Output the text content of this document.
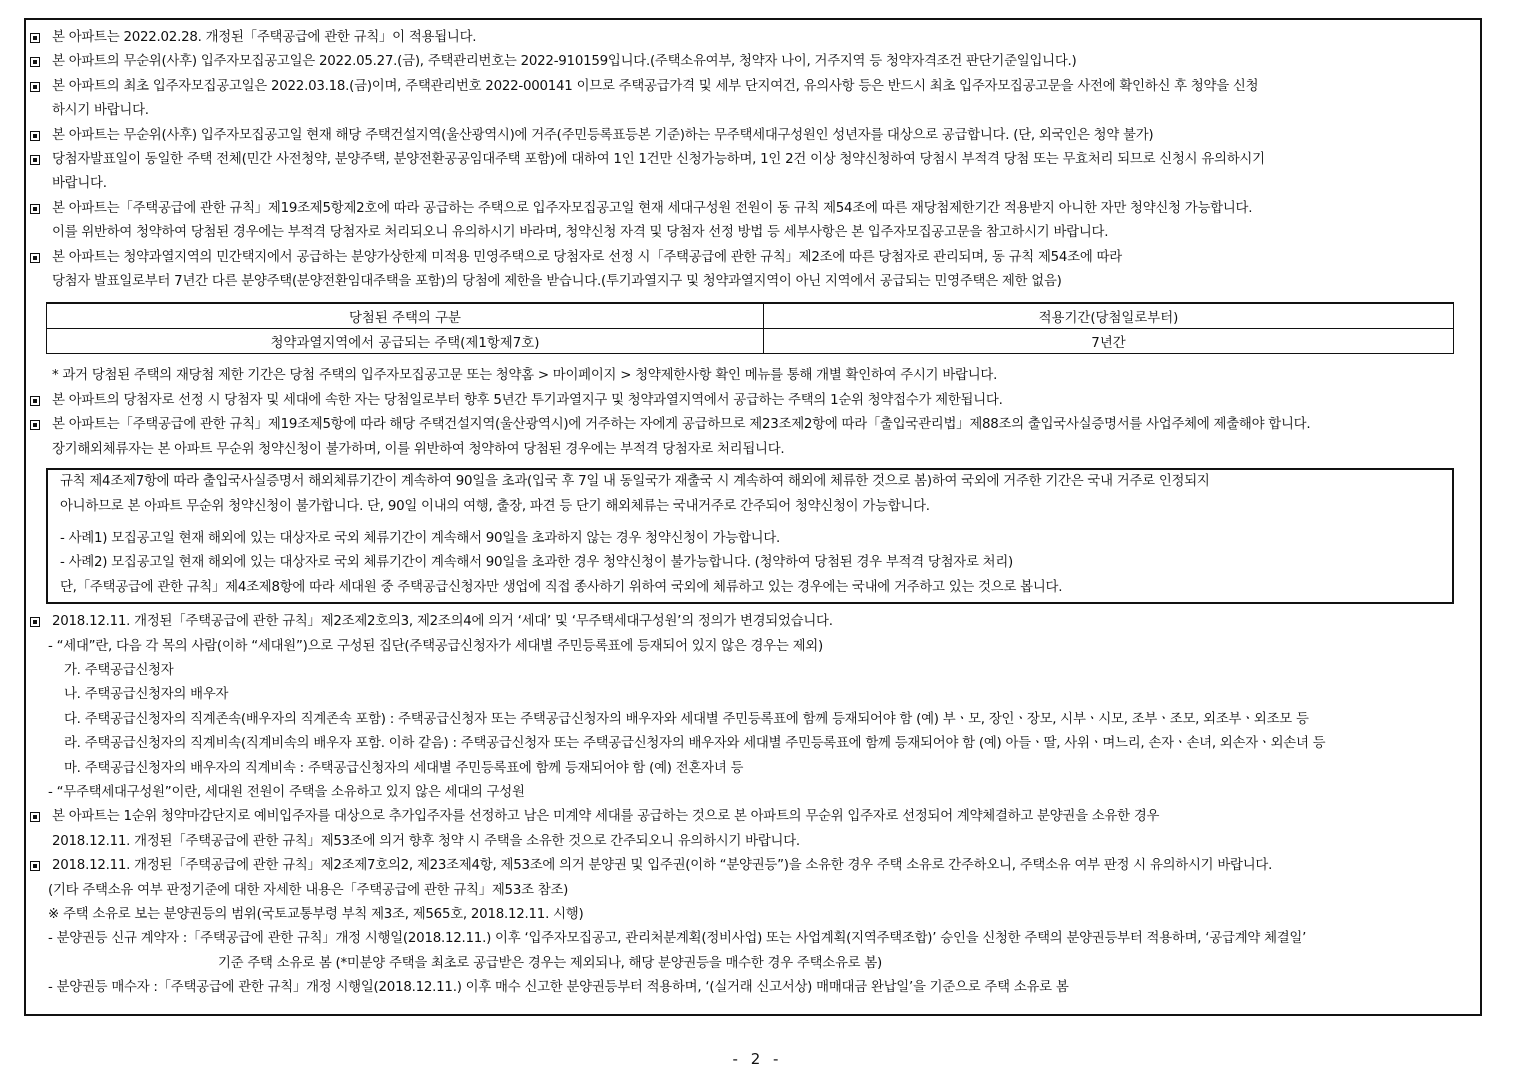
본 아파트는 2022.02.28. 개정된「주택공급에 관한 규칙」이 적용됩니다.
본 아파트의 무순위(사후) 입주자모집공고일은 2022.05.27.(금), 주택관리번호는 2022-910159입니다.(주택소유여부, 청약자 나이, 거주지역 등 청약자격조건 판단기준일입니다.)
본 아파트의 최초 입주자모집공고일은 2022.03.18.(금)이며, 주택관리번호 2022-000141 이므로 주택공급가격 및 세부 단지여건, 유의사항 등은 반드시 최초 입주자모집공고문을 사전에 확인하신 후 청약을 신청
하시기 바랍니다.
본 아파트는 무순위(사후) 입주자모집공고일 현재 해당 주택건설지역(울산광역시)에 거주(주민등록표등본 기준)하는 무주택세대구성원인 성년자를 대상으로 공급합니다. (단, 외국인은 청약 불가)
당첨자발표일이 동일한 주택 전체(민간 사전청약, 분양주택, 분양전환공공임대주택 포함)에 대하여 1인 1건만 신청가능하며, 1인 2건 이상 청약신청하여 당첨시 부적격 당첨 또는 무효처리 되므로 신청시 유의하시기
바랍니다.
본 아파트는「주택공급에 관한 규칙」제19조제5항제2호에 따라 공급하는 주택으로 입주자모집공고일 현재 세대구성원 전원이 동 규칙 제54조에 따른 재당첨제한기간 적용받지 아니한 자만 청약신청 가능합니다.
이를 위반하여 청약하여 당첨된 경우에는 부적격 당첨자로 처리되오니 유의하시기 바라며, 청약신청 자격 및 당첨자 선정 방법 등 세부사항은 본 입주자모집공고문을 참고하시기 바랍니다.
본 아파트는 청약과열지역의 민간택지에서 공급하는 분양가상한제 미적용 민영주택으로 당첨자로 선정 시「주택공급에 관한 규칙」제2조에 따른 당첨자로 관리되며, 동 규칙 제54조에 따라
당첨자 발표일로부터 7년간 다른 분양주택(분양전환임대주택을 포함)의 당첨에 제한을 받습니다.(투기과열지구 및 청약과열지역이 아닌 지역에서 공급되는 민영주택은 제한 없음)
당첨된 주택의 구분	적용기간(당첨일로부터)
청약과열지역에서 공급되는 주택(제1항제7호)	7년간
* 과거 당첨된 주택의 재당첨 제한 기간은 당첨 주택의 입주자모집공고문 또는 청약홈 > 마이페이지 > 청약제한사항 확인 메뉴를 통해 개별 확인하여 주시기 바랍니다.
본 아파트의 당첨자로 선정 시 당첨자 및 세대에 속한 자는 당첨일로부터 향후 5년간 투기과열지구 및 청약과열지역에서 공급하는 주택의 1순위 청약접수가 제한됩니다.
본 아파트는「주택공급에 관한 규칙」제19조제5항에 따라 해당 주택건설지역(울산광역시)에 거주하는 자에게 공급하므로 제23조제2항에 따라「출입국관리법」제88조의 출입국사실증명서를 사업주체에 제출해야 합니다.
장기해외체류자는 본 아파트 무순위 청약신청이 불가하며, 이를 위반하여 청약하여 당첨된 경우에는 부적격 당첨자로 처리됩니다.
규칙 제4조제7항에 따라 출입국사실증명서 해외체류기간이 계속하여 90일을 초과(입국 후 7일 내 동일국가 재출국 시 계속하여 해외에 체류한 것으로 봄)하여 국외에 거주한 기간은 국내 거주로 인정되지
아니하므로 본 아파트 무순위 청약신청이 불가합니다. 단, 90일 이내의 여행, 출장, 파견 등 단기 해외체류는 국내거주로 간주되어 청약신청이 가능합니다.
- 사례1) 모집공고일 현재 해외에 있는 대상자로 국외 체류기간이 계속해서 90일을 초과하지 않는 경우 청약신청이 가능합니다.
- 사례2) 모집공고일 현재 해외에 있는 대상자로 국외 체류기간이 계속해서 90일을 초과한 경우 청약신청이 불가능합니다. (청약하여 당첨된 경우 부적격 당첨자로 처리)
단,「주택공급에 관한 규칙」제4조제8항에 따라 세대원 중 주택공급신청자만 생업에 직접 종사하기 위하여 국외에 체류하고 있는 경우에는 국내에 거주하고 있는 것으로 봅니다.
2018.12.11. 개정된「주택공급에 관한 규칙」제2조제2호의3, 제2조의4에 의거 ‘세대’ 및 ‘무주택세대구성원’의 정의가 변경되었습니다.
- “세대”란, 다음 각 목의 사람(이하 “세대원”)으로 구성된 집단(주택공급신청자가 세대별 주민등록표에 등재되어 있지 않은 경우는 제외)
가. 주택공급신청자
나. 주택공급신청자의 배우자
다. 주택공급신청자의 직계존속(배우자의 직계존속 포함) : 주택공급신청자 또는 주택공급신청자의 배우자와 세대별 주민등록표에 함께 등재되어야 함 (예) 부ㆍ모, 장인ㆍ장모, 시부ㆍ시모, 조부ㆍ조모, 외조부ㆍ외조모 등
라. 주택공급신청자의 직계비속(직계비속의 배우자 포함. 이하 같음) : 주택공급신청자 또는 주택공급신청자의 배우자와 세대별 주민등록표에 함께 등재되어야 함 (예) 아들ㆍ딸, 사위ㆍ며느리, 손자ㆍ손녀, 외손자ㆍ외손녀 등
마. 주택공급신청자의 배우자의 직계비속 : 주택공급신청자의 세대별 주민등록표에 함께 등재되어야 함 (예) 전혼자녀 등
- “무주택세대구성원”이란, 세대원 전원이 주택을 소유하고 있지 않은 세대의 구성원
본 아파트는 1순위 청약마감단지로 예비입주자를 대상으로 추가입주자를 선정하고 남은 미계약 세대를 공급하는 것으로 본 아파트의 무순위 입주자로 선정되어 계약체결하고 분양권을 소유한 경우
2018.12.11. 개정된「주택공급에 관한 규칙」제53조에 의거 향후 청약 시 주택을 소유한 것으로 간주되오니 유의하시기 바랍니다.
2018.12.11. 개정된「주택공급에 관한 규칙」제2조제7호의2, 제23조제4항, 제53조에 의거 분양권 및 입주권(이하 “분양권등”)을 소유한 경우 주택 소유로 간주하오니, 주택소유 여부 판정 시 유의하시기 바랍니다.
(기타 주택소유 여부 판정기준에 대한 자세한 내용은「주택공급에 관한 규칙」제53조 참조)
※ 주택 소유로 보는 분양권등의 범위(국토교통부령 부칙 제3조, 제565호, 2018.12.11. 시행)
- 분양권등 신규 계약자 :「주택공급에 관한 규칙」개정 시행일(2018.12.11.) 이후 ‘입주자모집공고, 관리처분계획(정비사업) 또는 사업계획(지역주택조합)’ 승인을 신청한 주택의 분양권등부터 적용하며, ‘공급계약 체결일’
기준 주택 소유로 봄 (*미분양 주택을 최초로 공급받은 경우는 제외되나, 해당 분양권등을 매수한 경우 주택소유로 봄)
- 분양권등 매수자 :「주택공급에 관한 규칙」개정 시행일(2018.12.11.) 이후 매수 신고한 분양권등부터 적용하며, ‘(실거래 신고서상) 매매대금 완납일’을 기준으로 주택 소유로 봄
- 2 -
